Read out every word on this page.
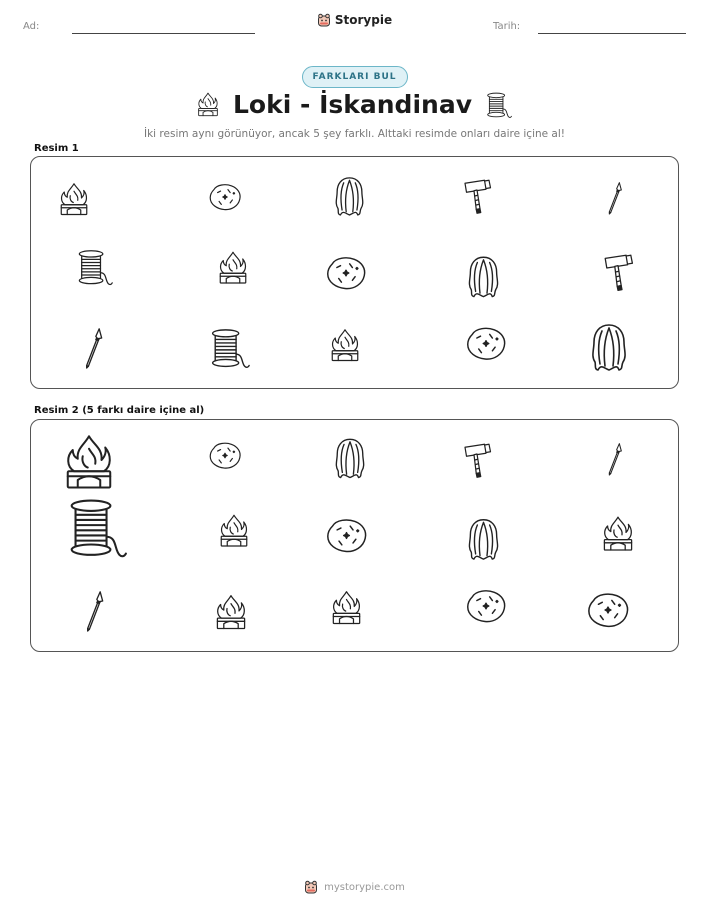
Ad:	Storypie	Tarih:
FARKLARI BUL
Loki - İskandinav
İki resim aynı görünüyor, ancak 5 şey farklı. Alttaki resimde onları daire içine al!
Resim 1
Resim 2 (5 farkı daire içine al)
mystorypie.com
